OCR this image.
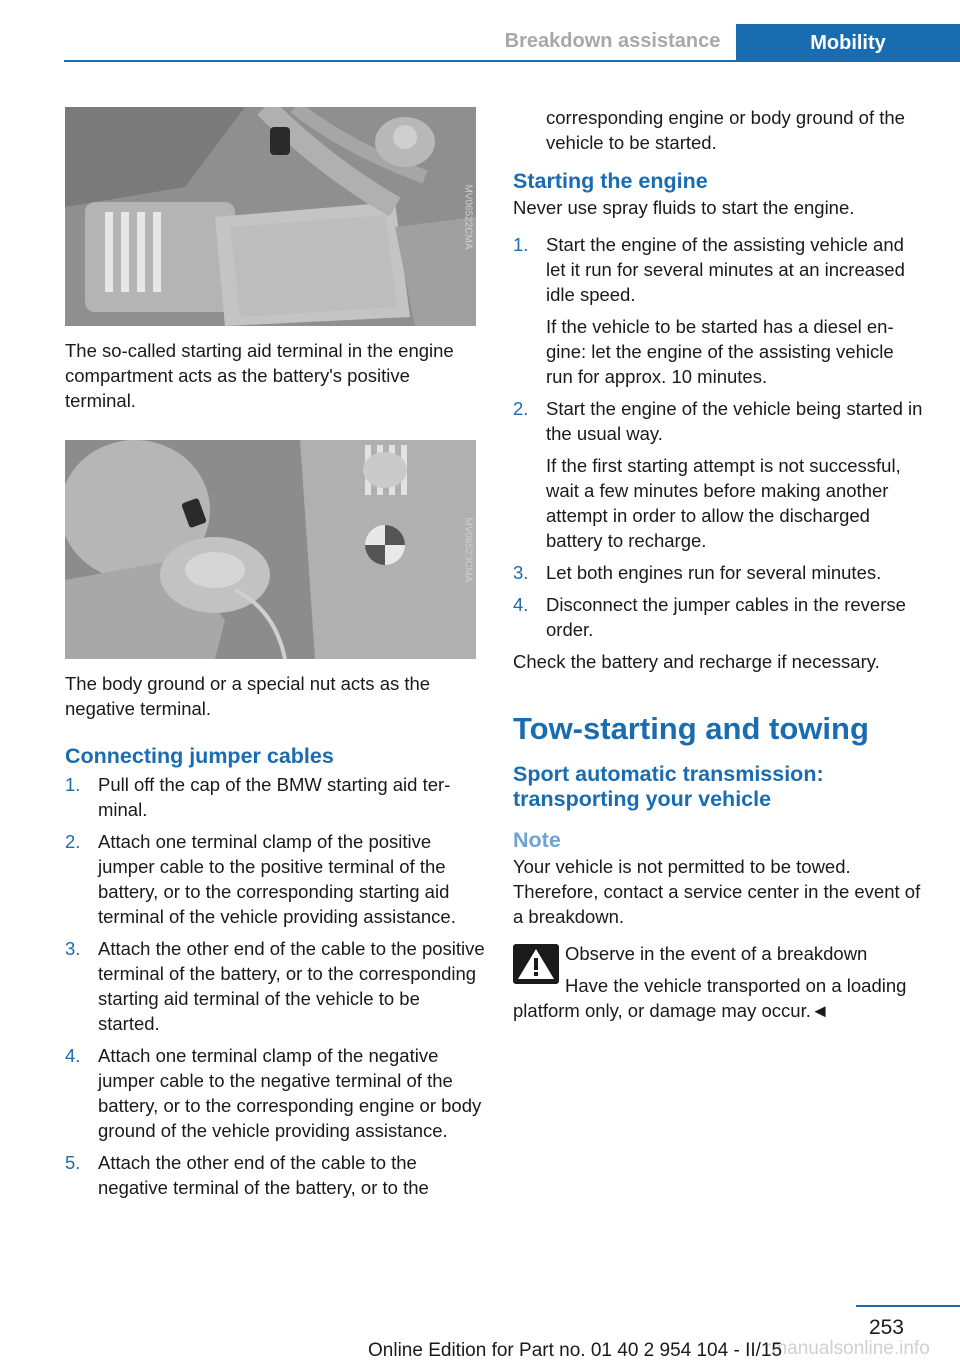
Breakdown assistance	Mobility
MV06522CMA

The so-called starting aid terminal in the engine compartment acts as the battery's positive terminal.

MV06523CMA

The body ground or a special nut acts as the negative terminal.

Connecting jumper cables
1. Pull off the cap of the BMW starting aid terminal.
2. Attach one terminal clamp of the positive jumper cable to the positive terminal of the battery, or to the corresponding starting aid terminal of the vehicle providing assistance.
3. Attach the other end of the cable to the positive terminal of the battery, or to the corresponding starting aid terminal of the vehicle to be started.
4. Attach one terminal clamp of the negative jumper cable to the negative terminal of the battery, or to the corresponding engine or body ground of the vehicle providing assistance.
5. Attach the other end of the cable to the negative terminal of the battery, or to the

corresponding engine or body ground of the vehicle to be started.

Starting the engine

Never use spray fluids to start the engine.

1. Start the engine of the assisting vehicle and let it run for several minutes at an increased idle speed.

If the vehicle to be started has a diesel engine: let the engine of the assisting vehicle run for approx. 10 minutes.

2. Start the engine of the vehicle being started in the usual way.

If the first starting attempt is not successful, wait a few minutes before making another attempt in order to allow the discharged battery to recharge.

3. Let both engines run for several minutes.
4. Disconnect the jumper cables in the reverse order.

Check the battery and recharge if necessary.

Tow-starting and towing
Sport automatic transmission: transporting your vehicle
Note

Your vehicle is not permitted to be towed. Therefore, contact a service center in the event of a breakdown.

Observe in the event of a breakdown

Have the vehicle transported on a loading platform only, or damage may occur.◄

253
rmanualsonline.info
Online Edition for Part no. 01 40 2 954 104 - II/15
